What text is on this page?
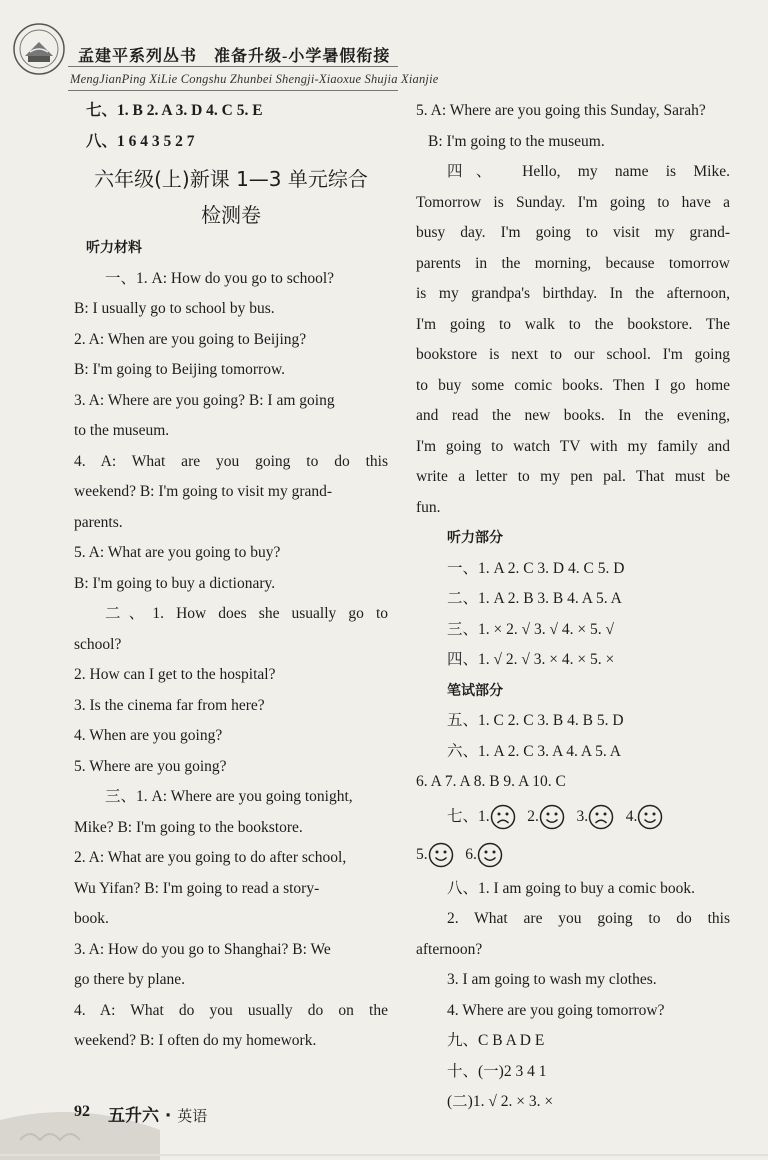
孟建平系列丛书 准备升级-小学暑假衔接
MengJianPing XiLie Congshu Zhunbei Shengji-Xiaoxue Shujia Xianjie

七、1. B 2. A 3. D 4. C 5. E

八、1 6 4 3 5 2 7

六年级(上)新课 1—3 单元综合

检测卷

听力材料

一、1. A: How do you go to school?

B: I usually go to school by bus.

2. A: When are you going to Beijing?

B: I'm going to Beijing tomorrow.

3. A: Where are you going? B: I am going

to the museum.

4. A: What are you going to do this

weekend? B: I'm going to visit my grand-

parents.

5. A: What are you going to buy?

B: I'm going to buy a dictionary.

二、1. How does she usually go to

school?

2. How can I get to the hospital?

3. Is the cinema far from here?

4. When are you going?

5. Where are you going?

三、1. A: Where are you going tonight,

Mike? B: I'm going to the bookstore.

2. A: What are you going to do after school,

Wu Yifan? B: I'm going to read a story-

book.

3. A: How do you go to Shanghai? B: We

go there by plane.

4. A: What do you usually do on the

weekend? B: I often do my homework.

5. A: Where are you going this Sunday, Sarah?

B: I'm going to the museum.

四、 Hello, my name is Mike.

Tomorrow is Sunday. I'm going to have a

busy day. I'm going to visit my grand-

parents in the morning, because tomorrow

is my grandpa's birthday. In the afternoon,

I'm going to walk to the bookstore. The

bookstore is next to our school. I'm going

to buy some comic books. Then I go home

and read the new books. In the evening,

I'm going to watch TV with my family and

write a letter to my pen pal. That must be

fun.

听力部分

一、1. A 2. C 3. D 4. C 5. D

二、1. A 2. B 3. B 4. A 5. A

三、1. × 2. √ 3. √ 4. × 5. √

四、1. √ 2. √ 3. × 4. × 5. ×

笔试部分

五、1. C 2. C 3. B 4. B 5. D

六、1. A 2. C 3. A 4. A 5. A

6. A 7. A 8. B 9. A 10. C

七、1. 2. 3. 4.

5. 6.

八、1. I am going to buy a comic book.

2. What are you going to do this

afternoon?

3. I am going to wash my clothes.

4. Where are you going tomorrow?

九、C B A D E

十、(一)2 3 4 1

(二)1. √ 2. × 3. ×

92 五升六 · 英语
